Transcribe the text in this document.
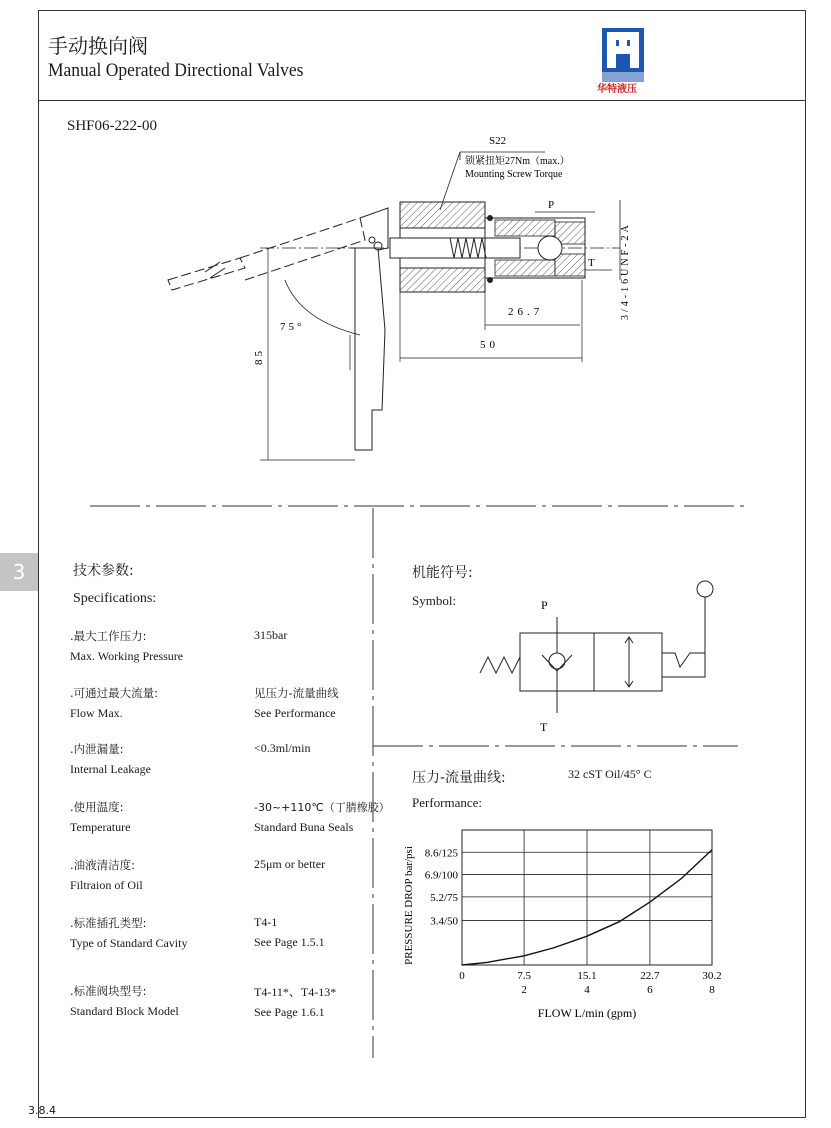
手动换向阀
Manual Operated Directional Valves
华特液压
SHF06-222-00
S22
锁紧扭矩27Nm（max.）
Mounting Screw Torque
P
T	3/4-16UNF-2A
75°
85
26.7
50
3
3.8.4
技术参数:
Specifications:
.最大工作压力:
Max. Working Pressure
315bar
.可通过最大流量:
Flow Max.
见压力-流量曲线
See Performance
.内泄漏量:
Internal Leakage
<0.3ml/min
.使用温度:
Temperature
-30~+110℃（丁腈橡胶）
Standard Buna Seals
.油液清洁度:
Filtraion of Oil
25μm or better
.标准插孔类型:
Type of Standard Cavity
T4-1
See Page 1.5.1
.标准阀块型号:
Standard Block Model
T4-11*、T4-13*
See Page 1.6.1
机能符号:
Symbol:	P
T
压力-流量曲线:
Performance:
32 cST Oil/45° C
0	7.5
2
15.1
4
22.7
6
30.2
8
3.4/50
5.2/75
6.9/100
8.6/125
FLOW L/min (gpm)
PRESSURE DROP bar/psi
